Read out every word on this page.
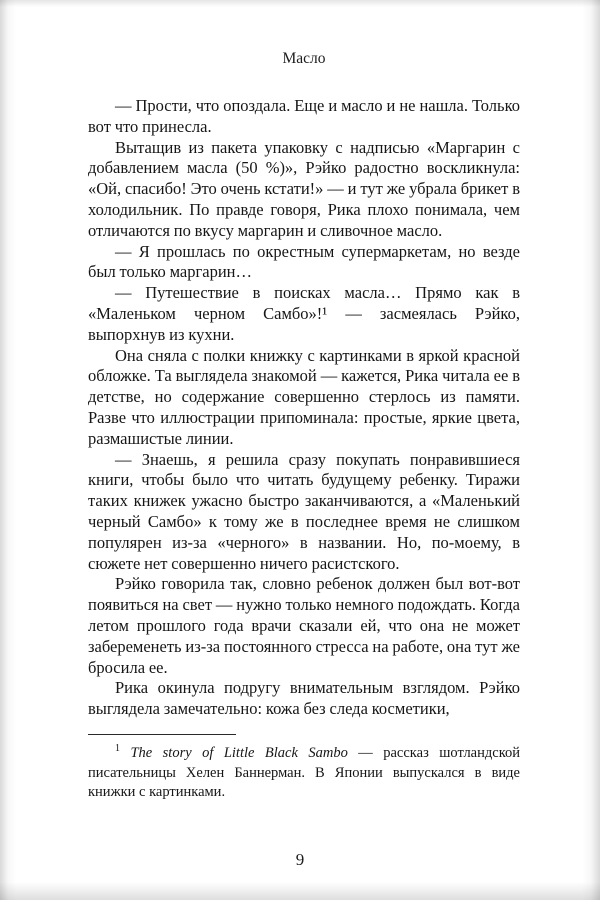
Масло

— Прости, что опоздала. Еще и масло и не нашла. Только вот что принесла.

Вытащив из пакета упаковку с надписью «Маргарин с добавлением масла (50 %)», Рэйко радостно воскликнула: «Ой, спасибо! Это очень кстати!» — и тут же убрала брикет в холодильник. По правде говоря, Рика плохо понимала, чем отличаются по вкусу маргарин и сливочное масло.

— Я прошлась по окрестным супермаркетам, но везде был только маргарин…

— Путешествие в поисках масла… Прямо как в «Маленьком черном Самбо»!¹ — засмеялась Рэйко, выпорхнув из кухни.

Она сняла с полки книжку с картинками в яркой красной обложке. Та выглядела знакомой — кажется, Рика читала ее в детстве, но содержание совершенно стерлось из памяти. Разве что иллюстрации припоминала: простые, яркие цвета, размашистые линии.

— Знаешь, я решила сразу покупать понравившиеся книги, чтобы было что читать будущему ребенку. Тиражи таких книжек ужасно быстро заканчиваются, а «Маленький черный Самбо» к тому же в последнее время не слишком популярен из-за «черного» в названии. Но, по-моему, в сюжете нет совершенно ничего расистского.

Рэйко говорила так, словно ребенок должен был вот-вот появиться на свет — нужно только немного подождать. Когда летом прошлого года врачи сказали ей, что она не может забеременеть из-за постоянного стресса на работе, она тут же бросила ее.

Рика окинула подругу внимательным взглядом. Рэйко выглядела замечательно: кожа без следа косметики,

$^1$ The story of Little Black Sambo — рассказ шотландской писательницы Хелен Баннерман. В Японии выпускался в виде книжки с картинками.

9
